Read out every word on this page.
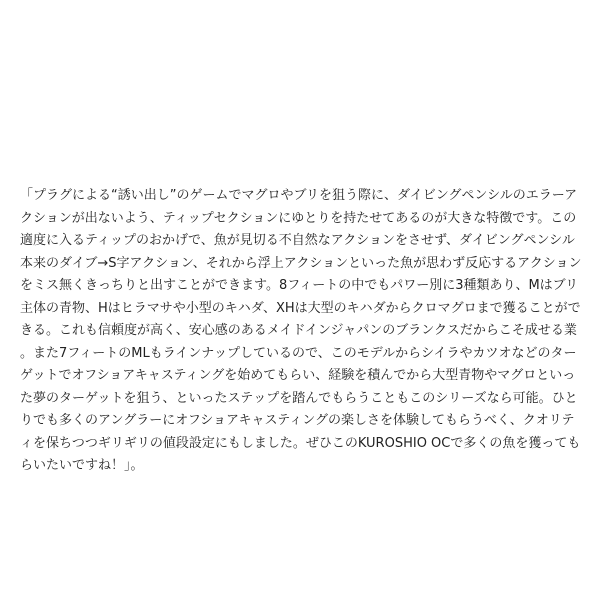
「プラグによる“誘い出し”のゲームでマグロやブリを狙う際に、ダイビングペンシルのエラーアクションが出ないよう、ティップセクションにゆとりを持たせてあるのが大きな特徴です。この適度に入るティップのおかげで、魚が見切る不自然なアクションをさせず、ダイビングペンシル本来のダイブ→S字アクション、それから浮上アクションといった魚が思わず反応するアクションをミス無くきっちりと出すことができます。8フィートの中でもパワー別に3種類あり、Mはブリ主体の青物、Hはヒラマサや小型のキハダ、XHは大型のキハダからクロマグロまで獲ることができる。これも信頼度が高く、安心感のあるメイドインジャパンのブランクスだからこそ成せる業。また7フィートのMLもラインナップしているので、このモデルからシイラやカツオなどのターゲットでオフショアキャスティングを始めてもらい、経験を積んでから大型青物やマグロといった夢のターゲットを狙う、といったステップを踏んでもらうこともこのシリーズなら可能。ひとりでも多くのアングラーにオフショアキャスティングの楽しさを体験してもらうべく、クオリティを保ちつつギリギリの値段設定にもしました。ぜひこのKUROSHIO OCで多くの魚を獲ってもらいたいですね！」。
